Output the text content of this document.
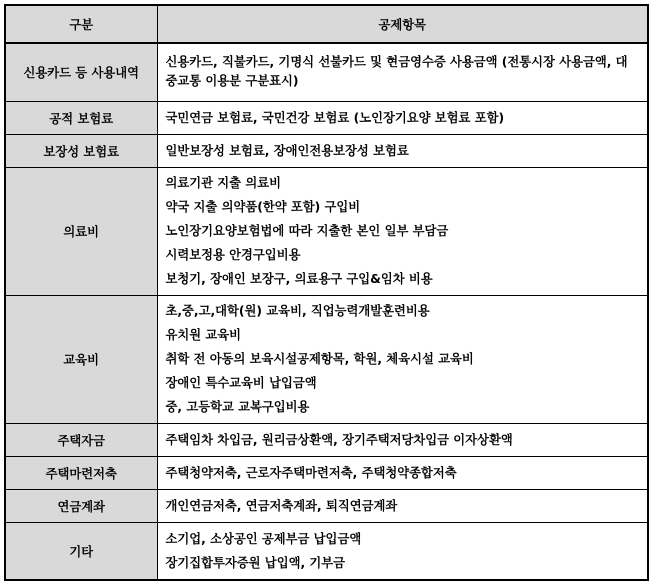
구분	공제항목
신용카드 등 사용내역	신용카드, 직불카드, 기명식 선불카드 및 현금영수증 사용금액 (전통시장 사용금액, 대중교통 이용분 구분표시)

공적 보험료	국민연금 보험료, 국민건강 보험료 (노인장기요양 보험료 포함)

보장성 보험료	일반보장성 보험료, 장애인전용보장성 보험료

의료비	의료기관 지출 의료비
약국 지출 의약품(한약 포함) 구입비
노인장기요양보험법에 따라 지출한 본인 일부 부담금
시력보정용 안경구입비용
보청기, 장애인 보장구, 의료용구 구입&임차 비용

교육비	초,중,고,대학(원) 교육비, 직업능력개발훈련비용
유치원 교육비
취학 전 아동의 보육시설공제항목, 학원, 체육시설 교육비
장애인 특수교육비 납입금액
중, 고등학교 교복구입비용

주택자금	주택임차 차입금, 원리금상환액, 장기주택저당차입금 이자상환액

주택마련저축	주택청약저축, 근로자주택마련저축, 주택청약종합저축

연금계좌	개인연금저축, 연금저축계좌, 퇴직연금계좌

기타	소기업, 소상공인 공제부금 납입금액
장기집합투자증원 납입액, 기부금
